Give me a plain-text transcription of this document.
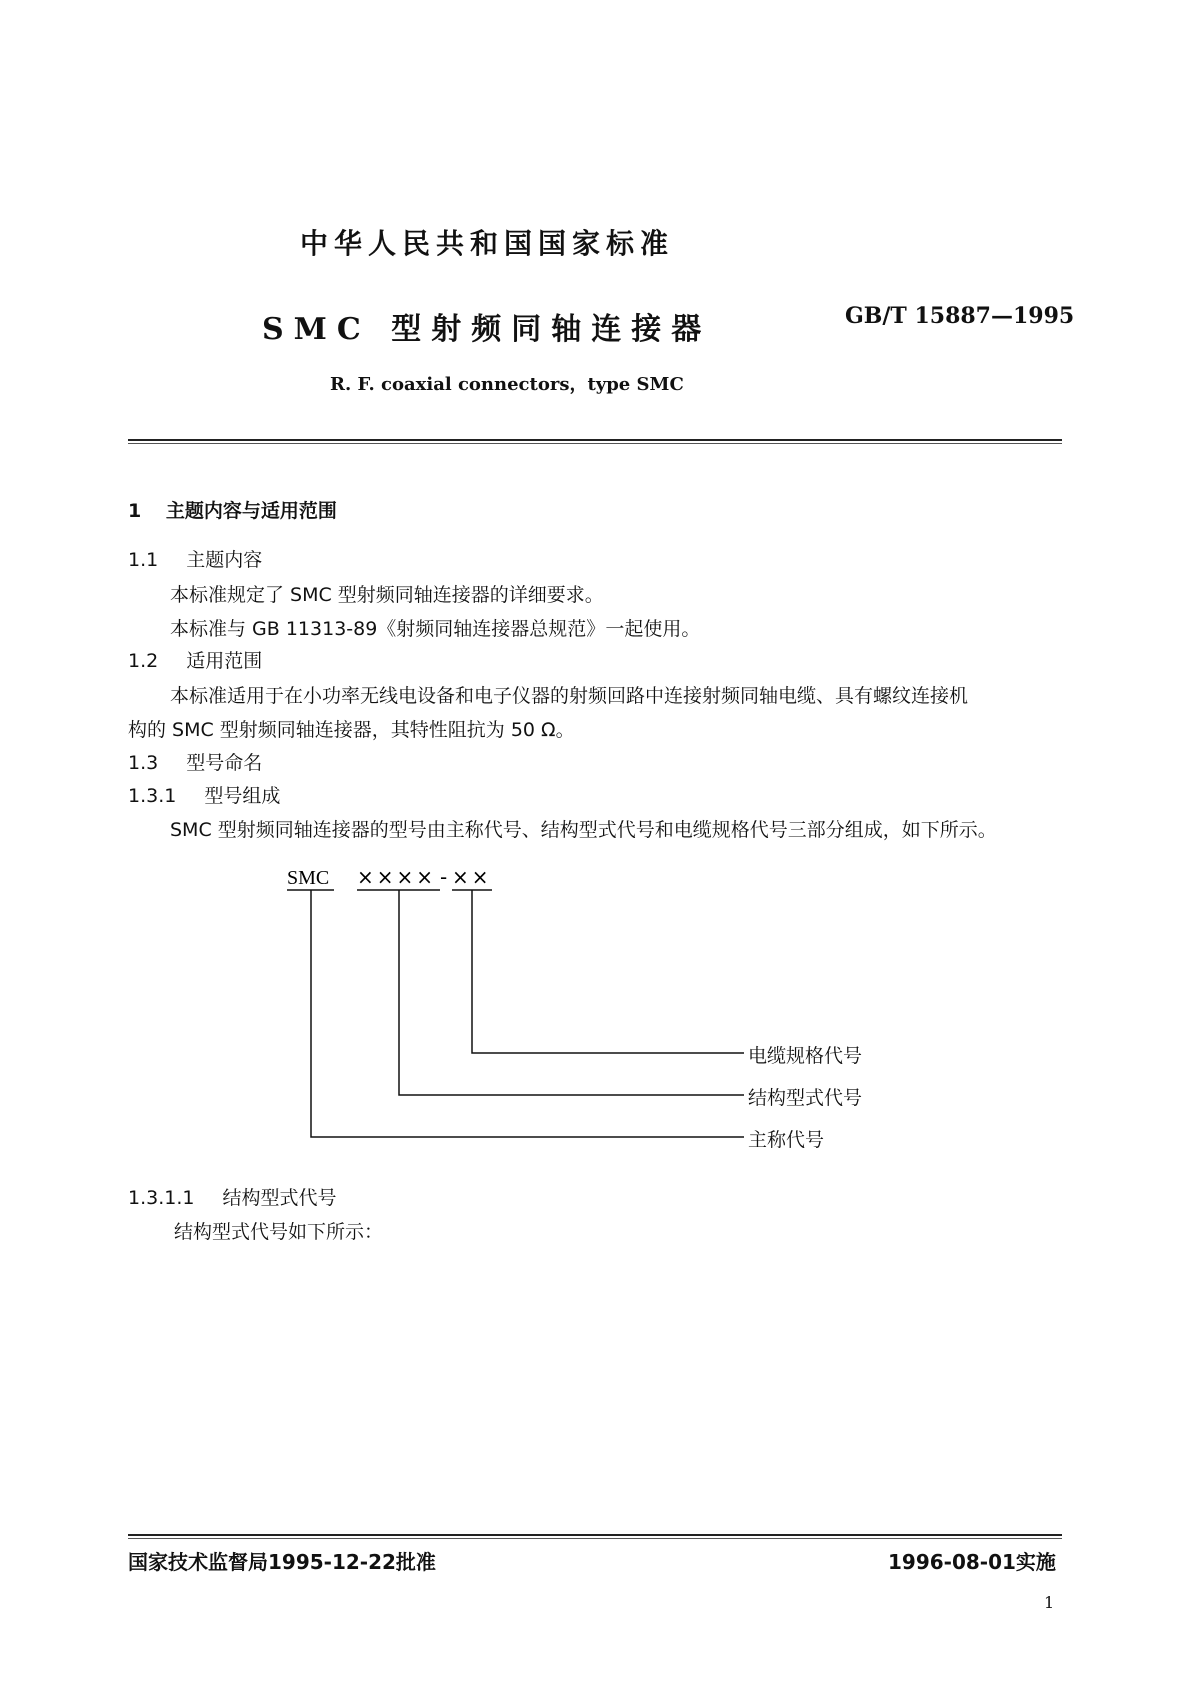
中华人民共和国国家标准
SMC 型射频同轴连接器	GB/T 15887—1995
R. F. coaxial connectors，type SMC
1 主题内容与适用范围
1.1 主题内容
本标准规定了 SMC 型射频同轴连接器的详细要求。
本标准与 GB 11313-89《射频同轴连接器总规范》一起使用。
1.2 适用范围
本标准适用于在小功率无线电设备和电子仪器的射频回路中连接射频同轴电缆、具有螺纹连接机
构的 SMC 型射频同轴连接器，其特性阻抗为 50 Ω。
1.3 型号命名
1.3.1 型号组成
SMC 型射频同轴连接器的型号由主称代号、结构型式代号和电缆规格代号三部分组成，如下所示。
SMC ×××× - ××
电缆规格代号
结构型式代号
主称代号
1.3.1.1 结构型式代号
结构型式代号如下所示：
国家技术监督局1995-12-22批准	1996-08-01实施
1
